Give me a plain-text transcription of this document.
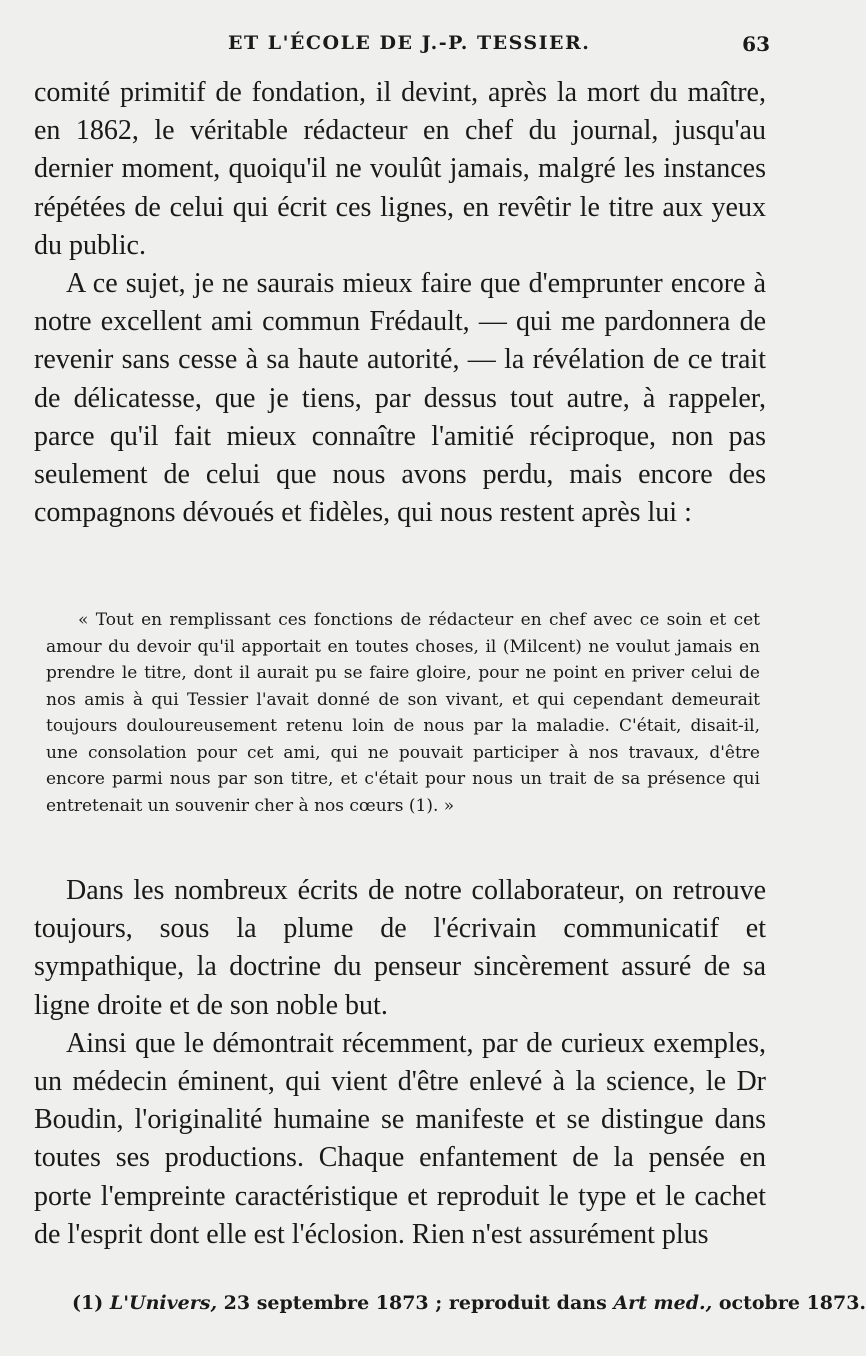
ET L'ÉCOLE DE J.-P. TESSIER.	63

comité primitif de fondation, il devint, après la mort du maître, en 1862, le véritable rédacteur en chef du journal, jusqu'au dernier moment, quoiqu'il ne voulût jamais, malgré les instances répétées de celui qui écrit ces lignes, en revêtir le titre aux yeux du public.

A ce sujet, je ne saurais mieux faire que d'emprunter encore à notre excellent ami commun Frédault, — qui me pardonnera de revenir sans cesse à sa haute autorité, — la révélation de ce trait de délicatesse, que je tiens, par dessus tout autre, à rappeler, parce qu'il fait mieux connaître l'amitié réciproque, non pas seulement de celui que nous avons perdu, mais encore des compagnons dévoués et fidèles, qui nous restent après lui :

« Tout en remplissant ces fonctions de rédacteur en chef avec ce soin et cet amour du devoir qu'il apportait en toutes choses, il (Milcent) ne voulut jamais en prendre le titre, dont il aurait pu se faire gloire, pour ne point en priver celui de nos amis à qui Tessier l'avait donné de son vivant, et qui cependant demeurait toujours douloureusement retenu loin de nous par la maladie. C'était, disait-il, une consolation pour cet ami, qui ne pouvait participer à nos travaux, d'être encore parmi nous par son titre, et c'était pour nous un trait de sa présence qui entretenait un souvenir cher à nos cœurs (1). »

Dans les nombreux écrits de notre collaborateur, on retrouve toujours, sous la plume de l'écrivain communicatif et sympathique, la doctrine du penseur sincèrement assuré de sa ligne droite et de son noble but.

Ainsi que le démontrait récemment, par de curieux exemples, un médecin éminent, qui vient d'être enlevé à la science, le Dr Boudin, l'originalité humaine se manifeste et se distingue dans toutes ses productions. Chaque enfantement de la pensée en porte l'empreinte caractéristique et reproduit le type et le cachet de l'esprit dont elle est l'éclosion. Rien n'est assurément plus

(1) L'Univers, 23 septembre 1873 ; reproduit dans Art med., octobre 1873.
